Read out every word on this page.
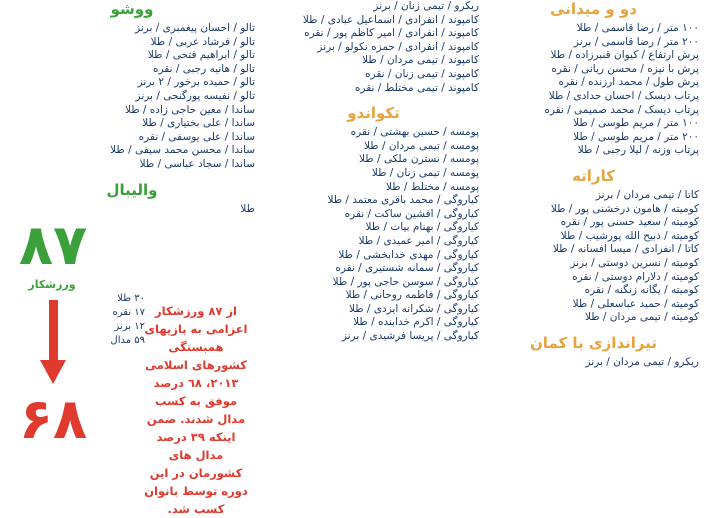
دو و میدانی
۱۰۰ متر / رضا قاسمی / طلا
۲۰۰ متر / رضا قاسمی / برنز
پرش ارتفاع / کیوان قنبرزاده / طلا
پرش با نیزه / محسن ریانی / نقره
پرش طول / محمد ارزنده / نقره
پرتاب دیسک / احسان حدادی / طلا
پرتاب دیسک / محمد صمیمی / نقره
۱۰۰ متر / مریم طوسی / طلا
۲۰۰ متر / مریم طوسی / طلا
پرتاب وزنه / لیلا رجبی / طلا
کاراته
کاتا / تیمی مردان / برنز
کومیته / هامون درخشنی پور / طلا
کومیته / سعید حسنی پور / نقره
کومیته / ذبیح الله پورشیب / طلا
کاتا / انفرادی / میسا افسانه / طلا
کومیته / نسرین دوستی / برنز
کومیته / دلارام دوستی / نقره
کومیته / یگانه زنگنه / نقره
کومیته / حمید عباسعلی / طلا
کومیته / تیمی مردان / طلا
تیراندازی با کمان
ریکرو / تیمی مردان / برنز
ریکرو / تیمی زنان / برنز
کامپوند / انفرادی / اسماعیل عبادی / طلا
کامپوند / انفرادی / امیر کاظم پور / نقره
کامپوند / انفرادی / حمزه نکولو / برنز
کامپوند / تیمی مردان / طلا
کامپوند / تیمی زنان / نقره
کامپوند / تیمی مختلط / نقره
تکواندو
پومسه / حسین بهشتی / نقره
پومسه / تیمی مردان / طلا
پومسه / نسترن ملکی / طلا
پومسه / تیمی زنان / طلا
پومسه / مختلط / طلا
کیاروگی / محمد باقری معتمد / طلا
کیاروگی / افشین ساکت / نقره
کیاروگی / بهنام بیات / طلا
کیاروگی / امیر عمیدی / طلا
کیاروگی / مهدی خدابخشی / طلا
کیاروگی / سمانه شستیری / نقره
کیاروگی / سوسن حاجی پور / طلا
کیاروگی / فاطمه روحانی / طلا
کیاروگی / شکرانه ایزدی / طلا
کیاروگی / اکرم خدابنده / طلا
کیاروگی / پریسا فرشیدی / برنز
ووشو
تالو / احسان پیغمبری / برنز
تالو / فرشاد عربی / طلا
تالو / ابراهیم فتحی / طلا
تالو / هانیه رجبی / نقره
تالو / حمیده برخور / ۲ برنز
تالو / نفیسه پورگنجی / برنز
ساندا / معین حاجی زاده / طلا
ساندا / علی بختیاری / طلا
ساندا / علی یوسفی / نقره
ساندا / محسن محمد سیفی / طلا
ساندا / سجاد عباسی / طلا
والیبال
طلا
۸۷
ورزشکار
۶۸
۳۰ طلا
۱۷ نقره
۱۲ برنز
۵۹ مدال
از ۸۷ ورزشکار اعزامی به بازیهای همبستگی کشورهای اسلامی ۲۰۱۳، ٦۸ درصد موفق به کسب مدال شدند. ضمن اینکه ۳۹ درصد مدال های کشورمان در این دوره توسط بانوان کسب شد.
